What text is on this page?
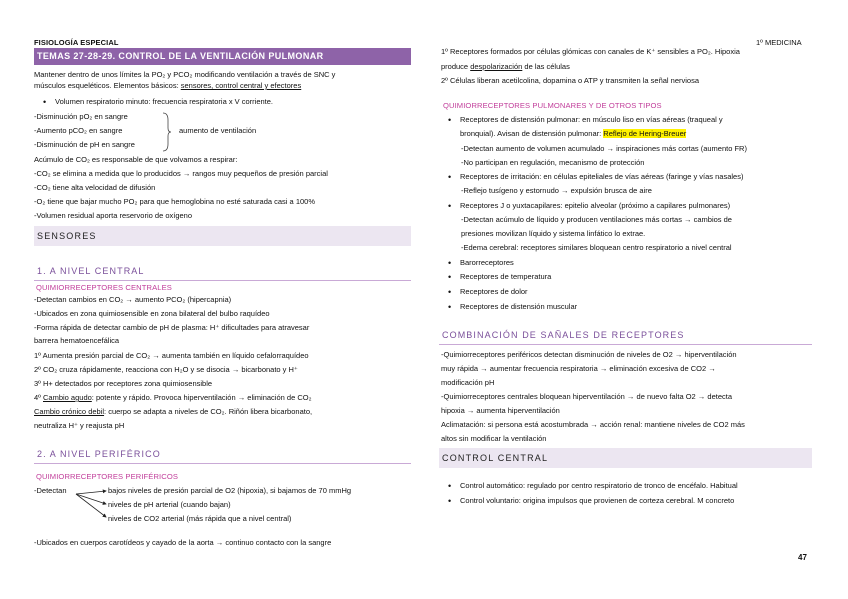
FISIOLOGÍA ESPECIAL	1º MEDICINA
TEMAS 27-28-29. CONTROL DE LA VENTILACIÓN PULMONAR
Mantener dentro de unos límites la PO₂ y PCO₂ modificando ventilación a través de SNC y
músculos esqueléticos. Elementos básicos: sensores, control central y efectores
• Volumen respiratorio minuto: frecuencia respiratoria x V corriente.
-Disminución pO₂ en sangre
-Aumento pCO₂ en sangre
-Disminución de pH en sangre
aumento de ventilación
Acúmulo de CO₂ es responsable de que volvamos a respirar:
-CO₂ se elimina a medida que lo producidos → rangos muy pequeños de presión parcial
-CO₂ tiene alta velocidad de difusión
-O₂ tiene que bajar mucho PO₂ para que hemoglobina no esté saturada casi a 100%
-Volumen residual aporta reservorio de oxígeno
SENSORES
1. A NIVEL CENTRAL
QUIMIORRECEPTORES CENTRALES
-Detectan cambios en CO₂ → aumento PCO₂ (hipercapnia)
-Ubicados en zona quimiosensible en zona bilateral del bulbo raquídeo
-Forma rápida de detectar cambio de pH de plasma: H⁺ dificultades para atravesar
barrera hematoencefálica
1º Aumenta presión parcial de CO₂ → aumenta también en líquido cefalorraquídeo
2º CO₂ cruza rápidamente, reacciona con H₂O y se disocia → bicarbonato y H⁺
3º H+ detectados por receptores zona quimiosensible
4º Cambio agudo: potente y rápido. Provoca hiperventilación → eliminación de CO₂
Cambio crónico debil: cuerpo se adapta a niveles de CO₂. Riñón libera bicarbonato,
neutraliza H⁺ y reajusta pH
2. A NIVEL PERIFÉRICO
QUIMIORRECEPTORES PERIFÉRICOS
-Detectan	bajos niveles de presión parcial de O2 (hipoxia), si bajamos de 70 mmHg
niveles de pH arterial (cuando bajan)
niveles de CO2 arterial (más rápida que a nivel central)
-Ubicados en cuerpos carotídeos y cayado de la aorta → continuo contacto con la sangre
1º Receptores formados por células glómicas con canales de K⁺ sensibles a PO₂. Hipoxia
produce despolarización de las células
2º Células liberan acetilcolina, dopamina o ATP y transmiten la señal nerviosa
QUIMIORRECEPTORES PULMONARES Y DE OTROS TIPOS
• Receptores de distensión pulmonar: en músculo liso en vías aéreas (traqueal y
bronquial). Avisan de distensión pulmonar: Reflejo de Hering-Breuer
-Detectan aumento de volumen acumulado → inspiraciones más cortas (aumento FR)
-No participan en regulación, mecanismo de protección
• Receptores de irritación: en células epiteliales de vías aéreas (faringe y vías nasales)
-Reflejo tusígeno y estornudo → expulsión brusca de aire
• Receptores J o yuxtacapilares: epitelio alveolar (próximo a capilares pulmonares)
-Detectan acúmulo de líquido y producen ventilaciones más cortas → cambios de
presiones movilizan líquido y sistema linfático lo extrae.
-Edema cerebral: receptores similares bloquean centro respiratorio a nivel central
• Barorreceptores
• Receptores de temperatura
• Receptores de dolor
• Receptores de distensión muscular
COMBINACIÓN DE SAÑALES DE RECEPTORES
-Quimiorreceptores periféricos detectan disminución de niveles de O2 → hiperventilación
muy rápida → aumentar frecuencia respiratoria → eliminación excesiva de CO2 →
modificación pH
-Quimiorreceptores centrales bloquean hiperventilación → de nuevo falta O2 → detecta
hipoxia → aumenta hiperventilación
Aclimatación: si persona está acostumbrada → acción renal: mantiene niveles de CO2 más
altos sin modificar la ventilación
CONTROL CENTRAL
• Control automático: regulado por centro respiratorio de tronco de encéfalo. Habitual
• Control voluntario: origina impulsos que provienen de corteza cerebral. M concreto
47
